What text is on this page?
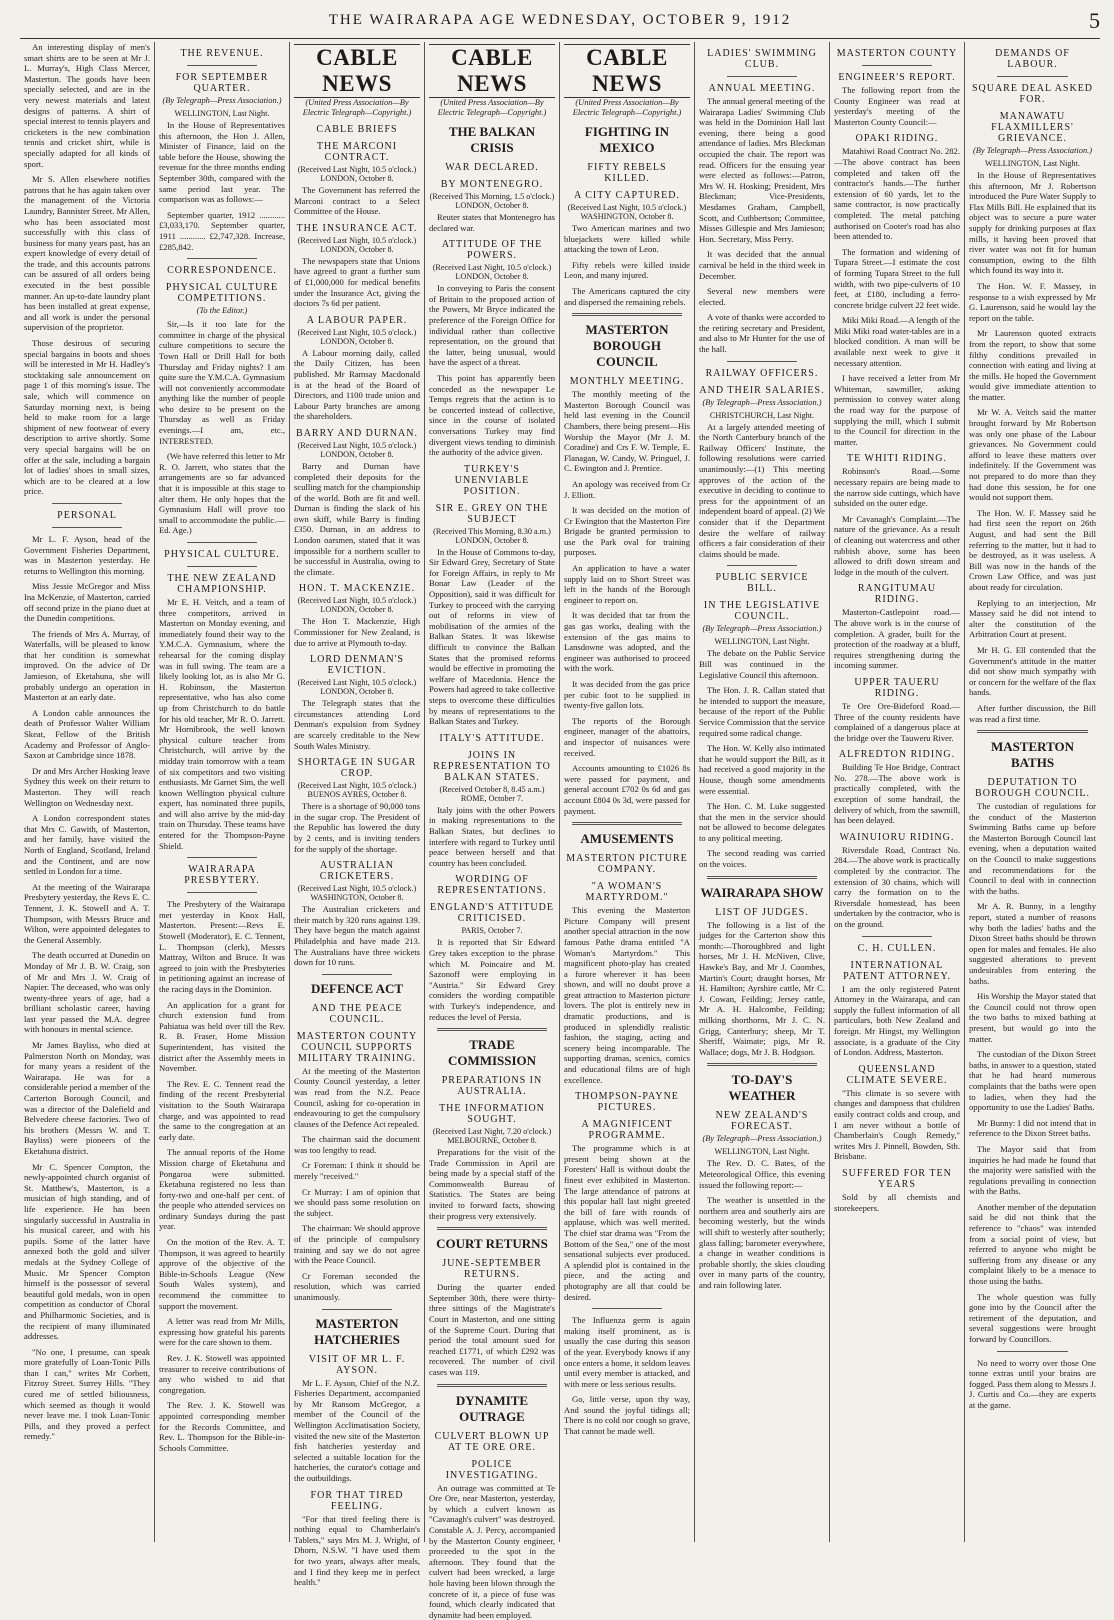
THE WAIRARAPA AGE WEDNESDAY, OCTOBER 9, 1912	5

An interesting display of men's smart shirts are to be seen at Mr J. L. Murray's, High Class Mercer, Masterton. The goods have been specially selected, and are in the very newest materials and latest designs of patterns. A shirt of special interest to tennis players and cricketers is the new combination tennis and cricket shirt, while is specially adapted for all kinds of sport.

Mr S. Allen elsewhere notifies patrons that he has again taken over the management of the Victoria Laundry, Bannister Street. Mr Allen, who has been associated most successfully with this class of business for many years past, has an expert knowledge of every detail of the trade, and this accounts patrons can be assured of all orders being executed in the best possible manner. An up-to-date laundry plant has been installed at great expense, and all work is under the personal supervision of the proprietor.

Those desirous of securing special bargains in boots and shoes will be interested in Mr H. Hadley's stocktaking sale announcement on page 1 of this morning's issue. The sale, which will commence on Saturday morning next, is being held to make room for a large shipment of new footwear of every description to arrive shortly. Some very special bargains will be on offer at the sale, including a bargain lot of ladies' shoes in small sizes, which are to be cleared at a low price.

PERSONAL

Mr L. F. Ayson, head of the Government Fisheries Department, was in Masterton yesterday. He returns to Wellington this morning.

Miss Jessie McGregor and Miss Ina McKenzie, of Masterton, carried off second prize in the piano duet at the Dunedin competitions.

The friends of Mrs A. Murray, of Waterfalls, will be pleased to know that her condition is somewhat improved. On the advice of Dr Jamieson, of Eketahuna, she will probably undergo an operation in Masterton at an early date.

A London cable announces the death of Professor Walter William Skeat, Fellow of the British Academy and Professor of Anglo-Saxon at Cambridge since 1878.

Dr and Mrs Archer Hosking leave Sydney this week on their return to Masterton. They will reach Wellington on Wednesday next.

A London correspondent states that Mrs C. Gawith, of Masterton, and her family, have visited the North of England, Scotland, Ireland and the Continent, and are now settled in London for a time.

At the meeting of the Wairarapa Presbytery yesterday, the Revs E. C. Tennent, J. K. Stowell and A. T. Thompson, with Messrs Bruce and Wilton, were appointed delegates to the General Assembly.

The death occurred at Dunedin on Monday of Mr J. B. W. Craig, son of Mr and Mrs J. W. Craig of Napier. The deceased, who was only twenty-three years of age, had a brilliant scholastic career, having last year passed the M.A. degree with honours in mental science.

Mr James Bayliss, who died at Palmerston North on Monday, was for many years a resident of the Wairarapa. He was for a considerable period a member of the Carterton Borough Council, and was a director of the Dalefield and Belvedere cheese factories. Two of his brothers (Messrs W. and T. Bayliss) were pioneers of the Eketahuna district.

Mr C. Spencer Compton, the newly-appointed church organist of St. Matthew's, Masterton, is a musician of high standing, and of life experience. He has been singularly successful in Australia in his musical career, and with his pupils. Some of the latter have annexed both the gold and silver medals at the Sydney College of Music. Mr Spencer Compton himself is the possessor of several beautiful gold medals, won in open competition as conductor of Choral and Philharmonic Societies, and is the recipient of many illuminated addresses.

"No one, I presume, can speak more gratefully of Loan-Tonic Pills than I can," writes Mr Corbett, Fitzroy Street. Surrey Hills. "They cured me of settled biliousness, which seemed as though it would never leave me. I took Loan-Tonic Pills, and they proved a perfect remedy."

THE REVENUE.
FOR SEPTEMBER QUARTER.
(By Telegraph—Press Association.)
WELLINGTON, Last Night.

In the House of Representatives this afternoon, the Hon J. Allen, Minister of Finance, laid on the table before the House, showing the revenue for the three months ending September 30th, compared with the same period last year. The comparison was as follows:—

September quarter, 1912 ............ £3,033,170. September quarter, 1911 ............ £2,747,328. Increase, £285,842.

CORRESPONDENCE.
PHYSICAL CULTURE COMPETITIONS.
(To the Editor.)

Sir,—Is it too late for the committee in charge of the physical culture competitions to secure the Town Hall or Drill Hall for both Thursday and Friday nights? I am quite sure the Y.M.C.A. Gymnasium will not conveniently accommodate anything like the number of people who desire to be present on the Thursday as well as Friday evenings.—I am, etc., INTERESTED.

(We have referred this letter to Mr R. O. Jarrett, who states that the arrangements are so far advanced that it is impossible at this stage to alter them. He only hopes that the Gymnasium Hall will prove too small to accommodate the public.—Ed. Age.)

PHYSICAL CULTURE.
THE NEW ZEALAND CHAMPIONSHIP.

Mr E. H. Veitch, and a team of three competitors, arrived in Masterton on Monday evening, and immediately found their way to the Y.M.C.A. Gymnasium, where the rehearsal for the coming display was in full swing. The team are a likely looking lot, as is also Mr G. H. Robinson, the Masterton representative, who has also come up from Christchurch to do battle for his old teacher, Mr R. O. Jarrett. Mr Hornibrook, the well known physical culture teacher from Christchurch, will arrive by the midday train tomorrow with a team of six competitors and two visiting enthusiasts. Mr Garnet Sim, the well known Wellington physical culture expert, has nominated three pupils, and will also arrive by the mid-day train on Thursday. These teams have entered for the Thompson-Payne Shield.

WAIRARAPA PRESBYTERY.

The Presbytery of the Wairarapa met yesterday in Knox Hall, Masterton. Present:—Revs E. Stowell (Moderator), E. C. Tennent, L. Thompson (clerk), Messrs Mattray, Wilton and Bruce. It was agreed to join with the Presbyteries in petitioning against an increase of the racing days in the Dominion.

An application for a grant for church extension fund from Pahiatua was held over till the Rev. R. B. Fraser, Home Mission Superintendent, has visited the district after the Assembly meets in November.

The Rev. E. C. Tennent read the finding of the recent Presbyterial visitation to the South Wairarapa charge, and was appointed to read the same to the congregation at an early date.

The annual reports of the Home Mission charge of Eketahuna and Pongaroa were submitted. Eketahuna registered no less than forty-two and one-half per cent. of the people who attended services on ordinary Sundays during the past year.

On the motion of the Rev. A. T. Thompson, it was agreed to heartily approve of the objective of the Bible-in-Schools League (New South Wales system), and recommend the committee to support the movement.

A letter was read from Mr Mills, expressing how grateful his parents were for the care shown to them.

Rev. J. K. Stowell was appointed treasurer to receive contributions of any who wished to aid that congregation.

The Rev. J. K. Stowell was appointed corresponding member for the Records Committee, and Rev. L. Thompson for the Bible-in-Schools Committee.

CABLE NEWS
(United Press Association—By Electric Telegraph—Copyright.)
CABLE BRIEFS
THE MARCONI CONTRACT.
(Received Last Night, 10.5 o'clock.) LONDON, October 8.

The Government has referred the Marconi contract to a Select Committee of the House.

THE INSURANCE ACT.
(Received Last Night, 10.5 o'clock.) LONDON, October 8.

The newspapers state that Unions have agreed to grant a further sum of £1,000,000 for medical benefits under the Insurance Act, giving the doctors 7s 6d per patient.

A LABOUR PAPER.
(Received Last Night, 10.5 o'clock.) LONDON, October 8.

A Labour morning daily, called the Daily Citizen, has been published. Mr Ramsay Macdonald is at the head of the Board of Directors, and 1100 trade union and Labour Party branches are among the shareholders.

BARRY AND DURNAN.
(Received Last Night, 10.5 o'clock.) LONDON, October 8.

Barry and Durnan have completed their deposits for the sculling match for the championship of the world. Both are fit and well. Durnan is finding the slack of his own skiff, while Barry is finding £350. Durnan, in an address to London oarsmen, stated that it was impossible for a northern sculler to be successful in Australia, owing to the climate.

HON. T. MACKENZIE.
(Received Last Night, 10.5 o'clock.) LONDON, October 8.

The Hon T. Mackenzie, High Commissioner for New Zealand, is due to arrive at Plymouth to-day.

LORD DENMAN'S EVICTION.
(Received Last Night, 10.5 o'clock.) LONDON, October 8.

The Telegraph states that the circumstances attending Lord Denman's expulsion from Sydney are scarcely creditable to the New South Wales Ministry.

SHORTAGE IN SUGAR CROP.
(Received Last Night, 10.5 o'clock.) BUENOS AYRES, October 8.

There is a shortage of 90,000 tons in the sugar crop. The President of the Republic has lowered the duty by 2 cents, and is inviting tenders for the supply of the shortage.

AUSTRALIAN CRICKETERS.
(Received Last Night, 10.5 o'clock.) WASHINGTON, October 8.

The Australian cricketers and their match by 320 runs against 139. They have begun the match against Philadelphia and have made 213. The Australians have three wickets down for 10 runs.

DEFENCE ACT
AND THE PEACE COUNCIL.
MASTERTON COUNTY COUNCIL SUPPORTS MILITARY TRAINING.

At the meeting of the Masterton County Council yesterday, a letter was read from the N.Z. Peace Council, asking for co-operation in endeavouring to get the compulsory clauses of the Defence Act repealed.

The chairman said the document was too lengthy to read.

Cr Foreman: I think it should be merely "received."

Cr Murray: I am of opinion that we should pass some resolution on the subject.

The chairman: We should approve of the principle of compulsory training and say we do not agree with the Peace Council.

Cr Foreman seconded the resolution, which was carried unanimously.

MASTERTON HATCHERIES
VISIT OF MR L. F. AYSON.

Mr L. F. Ayson, Chief of the N.Z. Fisheries Department, accompanied by Mr Ransom McGregor, a member of the Council of the Wellington Acclimatisation Society, visited the new site of the Masterton fish hatcheries yesterday and selected a suitable location for the hatcheries, the curator's cottage and the outbuildings.

FOR THAT TIRED FEELING.

"For that tired feeling there is nothing equal to Chamberlain's Tablets," says Mrs M. J. Wright, of Dhorn, N.S.W. "I have used them for two years, always after meals, and I find they keep me in perfect health."

CABLE NEWS
(United Press Association—By Electric Telegraph—Copyright.)
THE BALKAN CRISIS
WAR DECLARED.
BY MONTENEGRO.
(Received This Morning, 1.5 o'clock.) LONDON, October 8.

Reuter states that Montenegro has declared war.

ATTITUDE OF THE POWERS.
(Received Last Night, 10.5 o'clock.) LONDON, October 8.

In conveying to Paris the consent of Britain to the proposed action of the Powers, Mr Bryce indicated the preference of the Foreign Office for individual rather than collective representation, on the ground that the latter, being unusual, would have the aspect of a threat.

This point has apparently been conceded as the newspaper Le Temps regrets that the action is to be concerted instead of collective, since in the course of isolated conversations Turkey may find divergent views tending to diminish the authority of the advice given.

TURKEY'S UNENVIABLE POSITION.
SIR E. GREY ON THE SUBJECT
(Received This Morning, 8.30 a.m.) LONDON, October 8.

In the House of Commons to-day, Sir Edward Grey, Secretary of State for Foreign Affairs, in reply to Mr Bonar Law (Leader of the Opposition), said it was difficult for Turkey to proceed with the carrying out of reforms in view of mobilisation of the armies of the Balkan States. It was likewise difficult to convince the Balkan States that the promised reforms would be effective in promoting the welfare of Macedonia. Hence the Powers had agreed to take collective steps to overcome these difficulties by means of representations to the Balkan States and Turkey.

ITALY'S ATTITUDE.
JOINS IN REPRESENTATION TO BALKAN STATES.
(Received October 8, 8.45 a.m.) ROME, October 7.

Italy joins with the other Powers in making representations to the Balkan States, but declines to interfere with regard to Turkey until peace between herself and that country has been concluded.

WORDING OF REPRESENTATIONS.
ENGLAND'S ATTITUDE CRITICISED.
PARIS, October 7.

It is reported that Sir Edward Grey takes exception to the phrase which M. Poincaire and M. Sazonoff were employing in "Austria." Sir Edward Grey considers the wording compatible with Turkey's independence, and reduces the level of Persia.

TRADE COMMISSION
PREPARATIONS IN AUSTRALIA.
THE INFORMATION SOUGHT.
(Received Last Night, 7.20 o'clock.) MELBOURNE, October 8.

Preparations for the visit of the Trade Commission in April are being made by a special staff of the Commonwealth Bureau of Statistics. The States are being invited to forward facts, showing their progress very extensively.

COURT RETURNS
JUNE-SEPTEMBER RETURNS.

During the quarter ended September 30th, there were thirty-three sittings of the Magistrate's Court in Masterton, and one sitting of the Supreme Court. During that period the total amount sued for reached £1771, of which £292 was recovered. The number of civil cases was 119.

DYNAMITE OUTRAGE
CULVERT BLOWN UP AT TE ORE ORE.
POLICE INVESTIGATING.

An outrage was committed at Te Ore Ore, near Masterton, yesterday, by which a culvert known as "Cavanagh's culvert" was destroyed. Constable A. J. Percy, accompanied by the Masterton County engineer, proceeded to the spot in the afternoon. They found that the culvert had been wrecked, a large hole having been blown through the concrete of it, a piece of fuse was found, which clearly indicated that dynamite had been employed.

CABLE NEWS
(United Press Association—By Electric Telegraph—Copyright.)
FIGHTING IN MEXICO
FIFTY REBELS KILLED.
A CITY CAPTURED.
(Received Last Night, 10.5 o'clock.) WASHINGTON, October 8.

Two American marines and two bluejackets were killed while attacking the town of Leon.

Fifty rebels were killed inside Leon, and many injured.

The Americans captured the city and dispersed the remaining rebels.

MASTERTON BOROUGH COUNCIL
MONTHLY MEETING.

The monthly meeting of the Masterton Borough Council was held last evening in the Council Chambers, there being present—His Worship the Mayor (Mr J. M. Coradine) and Crs F. W. Temple, E. Flanagan, W. Candy, W. Pringuel, J. C. Ewington and J. Prentice.

An apology was received from Cr J. Elliott.

It was decided on the motion of Cr Ewington that the Masterton Fire Brigade be granted permission to use the Park oval for training purposes.

An application to have a water supply laid on to Short Street was left in the hands of the Borough engineer to report on.

It was decided that tar from the gas gas works, dealing with the extension of the gas mains to Lansdowne was adopted, and the engineer was authorised to proceed with the work.

It was decided from the gas price per cubic foot to be supplied in twenty-five gallon lots.

The reports of the Borough engineer, manager of the abattoirs, and inspector of nuisances were received.

Accounts amounting to £1026 8s were passed for payment, and general account £702 0s 6d and gas account £804 0s 3d, were passed for payment.

AMUSEMENTS
MASTERTON PICTURE COMPANY.
"A WOMAN'S MARTYRDOM."

This evening the Masterton Picture Company will present another special attraction in the now famous Pathe drama entitled "A Woman's Martyrdom." This magnificent photo-play has created a furore wherever it has been shown, and will no doubt prove a great attraction to Masterton picture lovers. The plot is entirely new in dramatic productions, and is produced in splendidly realistic fashion, the staging, acting and scenery being incomparable. The supporting dramas, scenics, comics and educational films are of high excellence.

THOMPSON-PAYNE PICTURES.
A MAGNIFICENT PROGRAMME.

The programme which is at present being shown at the Foresters' Hall is without doubt the finest ever exhibited in Masterton. The large attendance of patrons at this popular hall last night greeted the bill of fare with rounds of applause, which was well merited. The chief star drama was "From the Bottom of the Sea," one of the most sensational subjects ever produced. A splendid plot is contained in the piece, and the acting and photography are all that could be desired.

The Influenza germ is again making itself prominent, as is usually the case during this season of the year. Everybody knows if any once enters a home, it seldom leaves until every member is attacked, and with mere or less serious results.

Go, little verse, upon thy way, And sound the joyful tidings all; There is no cold nor cough so grave, That cannot be made well.

LADIES' SWIMMING CLUB.
ANNUAL MEETING.

The annual general meeting of the Wairarapa Ladies' Swimming Club was held in the Dominion Hall last evening, there being a good attendance of ladies. Mrs Bleckman occupied the chair. The report was read. Officers for the ensuing year were elected as follows:—Patron, Mrs W. H. Hosking; President, Mrs Bleckman; Vice-Presidents, Mesdames Graham, Campbell, Scott, and Cuthbertson; Committee, Misses Gillespie and Mrs Jamieson; Hon. Secretary, Miss Perry.

It was decided that the annual carnival be held in the third week in December.

Several new members were elected.

A vote of thanks were accorded to the retiring secretary and President, and also to Mr Hunter for the use of the hall.

RAILWAY OFFICERS.
AND THEIR SALARIES.
(By Telegraph—Press Association.)
CHRISTCHURCH, Last Night.

At a largely attended meeting of the North Canterbury branch of the Railway Officers' Institute, the following resolutions were carried unanimously:—(1) This meeting approves of the action of the executive in deciding to continue to press for the appointment of an independent board of appeal. (2) We consider that if the Department desire the welfare of railway officers a fair consideration of their claims should be made.

PUBLIC SERVICE BILL.
IN THE LEGISLATIVE COUNCIL.
(By Telegraph—Press Association.)
WELLINGTON, Last Night.

The debate on the Public Service Bill was continued in the Legislative Council this afternoon.

The Hon. J. R. Callan stated that he intended to support the measure, because of the report of the Public Service Commission that the service required some radical change.

The Hon. W. Kelly also intimated that he would support the Bill, as it had received a good majority in the House, though some amendments were essential.

The Hon. C. M. Luke suggested that the men in the service should not be allowed to become delegates to any political meeting.

The second reading was carried on the voices.

WAIRARAPA SHOW
LIST OF JUDGES.

The following is a list of the judges for the Carterton show this month:—Thoroughbred and light horses, Mr J. H. McNiven, Clive, Hawke's Bay, and Mr J. Coombes, Martin's Court; draught horses, Mr H. Hamilton; Ayrshire cattle, Mr C. J. Cowan, Feilding; Jersey cattle, Mr A. H. Halcombe, Feilding; milking shorthorns, Mr J. C. N. Grigg, Canterbury; sheep, Mr T. Sheriff, Waimate; pigs, Mr R. Wallace; dogs, Mr J. B. Hodgson.

TO-DAY'S WEATHER
NEW ZEALAND'S FORECAST.
(By Telegraph—Press Association.)
WELLINGTON, Last Night.

The Rev. D. C. Bates, of the Meteorological Office, this evening issued the following report:—

The weather is unsettled in the northern area and southerly airs are becoming westerly, but the winds will shift to westerly after southerly; glass falling; barometer everywhere, a change in weather conditions is probable shortly, the skies clouding over in many parts of the country, and rain following later.

MASTERTON COUNTY
ENGINEER'S REPORT.

The following report from the County Engineer was read at yesterday's meeting of the Masterton County Council:—

OPAKI RIDING.

Matahiwi Road Contract No. 282.—The above contract has been completed and taken off the contractor's hands.—The further extension of 60 yards, let to the same contractor, is now practically completed. The metal patching authorised on Cooter's road has also been attended to.

The formation and widening of Tupara Street.—I estimate the cost of forming Tupara Street to the full width, with two pipe-culverts of 10 feet, at £180, including a ferro-concrete bridge culvert 22 feet wide.

Miki Miki Road.—A length of the Miki Miki road water-tables are in a blocked condition. A man will be available next week to give it necessary attention.

I have received a letter from Mr Whiteman, sawmiller, asking permission to convey water along the road way for the purpose of supplying the mill, which I submit to the Council for direction in the matter.

TE WHITI RIDING.

Robinson's Road.—Some necessary repairs are being made to the narrow side cuttings, which have subsided on the outer edge.

Mr Cavanagh's Complaint.—The nature of the grievance. As a result of cleaning out watercress and other rubbish above, some has been allowed to drift down stream and lodge in the mouth of the culvert.

RANGITUMAU RIDING.

Masterton-Castlepoint road.—The above work is in the course of completion. A grader, built for the protection of the roadway at a bluff, requires strengthening during the incoming summer.

UPPER TAUERU RIDING.

Te Ore Ore-Bideford Road.—Three of the county residents have complained of a dangerous place at the bridge over the Tauweru River.

ALFREDTON RIDING.

Building Te Hoe Bridge, Contract No. 278.—The above work is practically completed, with the exception of some handrail, the delivery of which, from the sawmill, has been delayed.

WAINUIORU RIDING.

Riversdale Road, Contract No. 284.—The above work is practically completed by the contractor. The extension of 30 chains, which will carry the formation on to the Riversdale homestead, has been undertaken by the contractor, who is on the ground.

C. H. CULLEN.
INTERNATIONAL PATENT ATTORNEY.

I am the only registered Patent Attorney in the Wairarapa, and can supply the fullest information of all particulars, both New Zealand and foreign. Mr Hingst, my Wellington associate, is a graduate of the City of London. Address, Masterton.

QUEENSLAND CLIMATE SEVERE.

"This climate is so severe with changes and dampness that children easily contract colds and croup, and I am never without a bottle of Chamberlain's Cough Remedy," writes Mrs J. Pinnell, Bowden, Sth. Brisbane.

SUFFERED FOR TEN YEARS

Sold by all chemists and storekeepers.

DEMANDS OF LABOUR.
SQUARE DEAL ASKED FOR.
MANAWATU FLAXMILLERS' GRIEVANCE.
(By Telegraph—Press Association.)
WELLINGTON, Last Night.

In the House of Representatives this afternoon, Mr J. Robertson introduced the Pure Water Supply to Flax Mills Bill. He explained that its object was to secure a pure water supply for drinking purposes at flax mills, it having been proved that river water was not fit for human consumption, owing to the filth which found its way into it.

The Hon. W. F. Massey, in response to a wish expressed by Mr G. Laurenson, said he would lay the report on the table.

Mr Laurenson quoted extracts from the report, to show that some filthy conditions prevailed in connection with eating and living at the mills. He hoped the Government would give immediate attention to the matter.

Mr W. A. Veitch said the matter brought forward by Mr Robertson was only one phase of the Labour grievances. No Government could afford to leave these matters over indefinitely. If the Government was not prepared to do more than they had done this session, he for one would not support them.

The Hon. W. F. Massey said he had first seen the report on 26th August, and had sent the Bill referring to the matter, but it had to be destroyed, as it was useless. A Bill was now in the hands of the Crown Law Office, and was just about ready for circulation.

Replying to an interjection, Mr Massey said he did not intend to alter the constitution of the Arbitration Court at present.

Mr H. G. Ell contended that the Government's attitude in the matter did not show much sympathy with or concern for the welfare of the flax hands.

After further discussion, the Bill was read a first time.

MASTERTON BATHS
DEPUTATION TO BOROUGH COUNCIL.

The custodian of regulations for the conduct of the Masterton Swimming Baths came up before the Masterton Borough Council last evening, when a deputation waited on the Council to make suggestions and recommendations for the Council to deal with in connection with the baths.

Mr A. R. Bunny, in a lengthy report, stated a number of reasons why both the ladies' baths and the Dixon Street baths should be thrown open for males and females. He also suggested alterations to prevent undesirables from entering the baths.

His Worship the Mayor stated that the Council could not throw open the two baths to mixed bathing at present, but would go into the matter.

The custodian of the Dixon Street baths, in answer to a question, stated that he had heard numerous complaints that the baths were open to ladies, when they had the opportunity to use the Ladies' Baths.

Mr Bunny: I did not intend that in reference to the Dixon Street baths.

The Mayor said that from inquiries he had made he found that the majority were satisfied with the regulations prevailing in connection with the Baths.

Another member of the deputation said he did not think that the reference to "chaos" was intended from a social point of view, but referred to anyone who might be suffering from any disease or any complaint likely to be a menace to those using the baths.

The whole question was fully gone into by the Council after the retirement of the deputation, and several suggestions were brought forward by Councillors.

No need to worry over those One tonne extras until your brains are fogged. Pass them along to Messrs J. J. Curtis and Co.—they are experts at the game.
